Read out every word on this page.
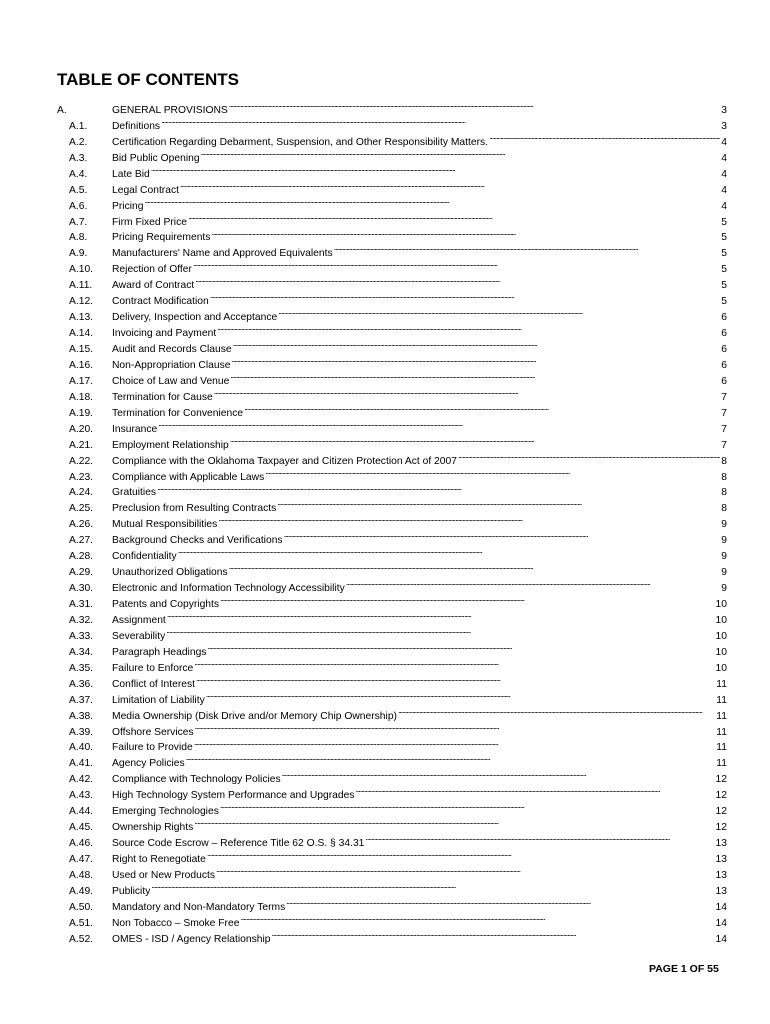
TABLE OF CONTENTS
A.	GENERAL PROVISIONS . . .	3
A.1.	Definitions . . .	3
A.2.	Certification Regarding Debarment, Suspension, and Other Responsibility Matters. . . .	4
A.3.	Bid Public Opening . . .	4
A.4.	Late Bid . . .	4
A.5.	Legal Contract . . .	4
A.6.	Pricing . . .	4
A.7.	Firm Fixed Price . . .	5
A.8.	Pricing Requirements . . .	5
A.9.	Manufacturers' Name and Approved Equivalents . . .	5
A.10.	Rejection of Offer . . .	5
A.11.	Award of Contract . . .	5
A.12.	Contract Modification . . .	5
A.13.	Delivery, Inspection and Acceptance . . .	6
A.14.	Invoicing and Payment . . .	6
A.15.	Audit and Records Clause . . .	6
A.16.	Non-Appropriation Clause . . .	6
A.17.	Choice of Law and Venue . . .	6
A.18.	Termination for Cause . . .	7
A.19.	Termination for Convenience . . .	7
A.20.	Insurance . . .	7
A.21.	Employment Relationship . . .	7
A.22.	Compliance with the Oklahoma Taxpayer and Citizen Protection Act of 2007 . . .	8
A.23.	Compliance with Applicable Laws . . .	8
A.24.	Gratuities . . .	8
A.25.	Preclusion from Resulting Contracts . . .	8
A.26.	Mutual Responsibilities . . .	9
A.27.	Background Checks and Verifications . . .	9
A.28.	Confidentiality . . .	9
A.29.	Unauthorized Obligations . . .	9
A.30.	Electronic and Information Technology Accessibility . . .	9
A.31.	Patents and Copyrights . . .	10
A.32.	Assignment . . .	10
A.33.	Severability . . .	10
A.34.	Paragraph Headings . . .	10
A.35.	Failure to Enforce . . .	10
A.36.	Conflict of Interest . . .	11
A.37.	Limitation of Liability . . .	11
A.38.	Media Ownership (Disk Drive and/or Memory Chip Ownership) . . .	11
A.39.	Offshore Services . . .	11
A.40.	Failure to Provide . . .	11
A.41.	Agency Policies . . .	11
A.42.	Compliance with Technology Policies . . .	12
A.43.	High Technology System Performance and Upgrades . . .	12
A.44.	Emerging Technologies . . .	12
A.45.	Ownership Rights . . .	12
A.46.	Source Code Escrow – Reference Title 62 O.S. § 34.31 . . .	13
A.47.	Right to Renegotiate . . .	13
A.48.	Used or New Products . . .	13
A.49.	Publicity . . .	13
A.50.	Mandatory and Non-Mandatory Terms . . .	14
A.51.	Non Tobacco – Smoke Free . . .	14
A.52.	OMES - ISD / Agency Relationship . . .	14
PAGE 1 OF 55
